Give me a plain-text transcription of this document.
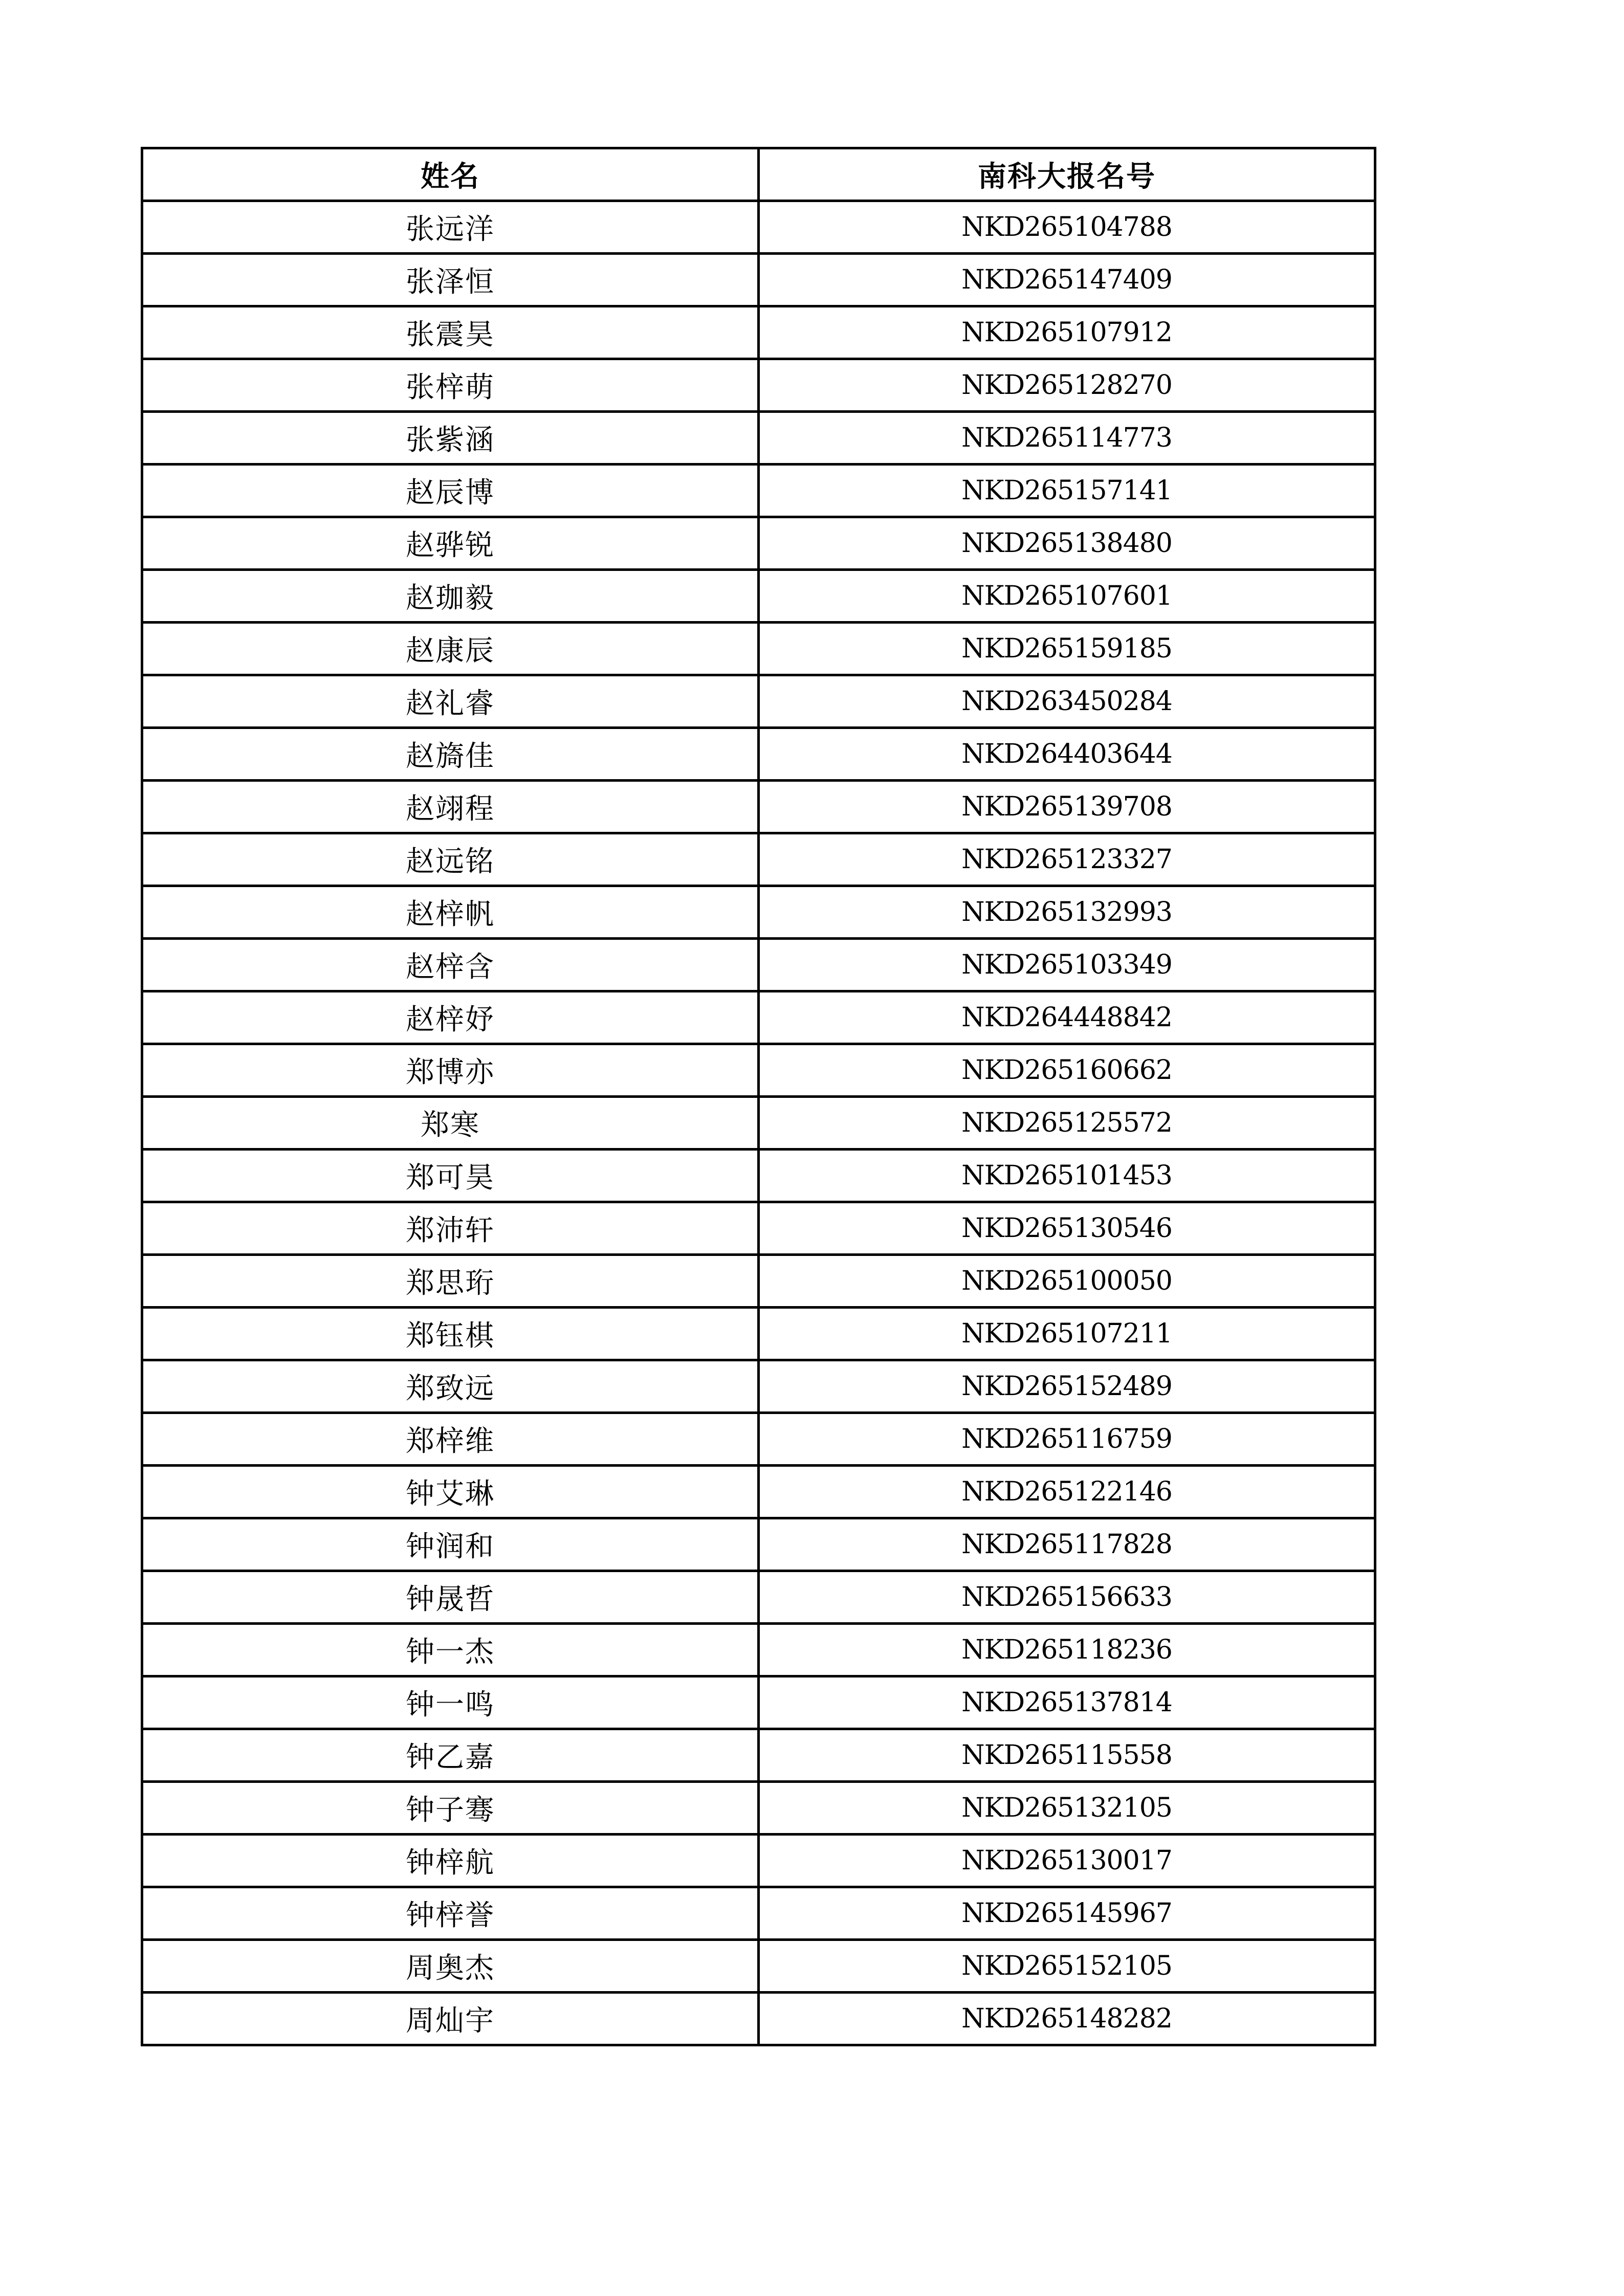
姓名	南科大报名号
张远洋	NKD265104788
张泽恒	NKD265147409
张震昊	NKD265107912
张梓萌	NKD265128270
张紫涵	NKD265114773
赵辰博	NKD265157141
赵骅锐	NKD265138480
赵珈毅	NKD265107601
赵康辰	NKD265159185
赵礼睿	NKD263450284
赵旖佳	NKD264403644
赵翊程	NKD265139708
赵远铭	NKD265123327
赵梓帆	NKD265132993
赵梓含	NKD265103349
赵梓妤	NKD264448842
郑博亦	NKD265160662
郑寒	NKD265125572
郑可昊	NKD265101453
郑沛轩	NKD265130546
郑思珩	NKD265100050
郑钰棋	NKD265107211
郑致远	NKD265152489
郑梓维	NKD265116759
钟艾琳	NKD265122146
钟润和	NKD265117828
钟晟哲	NKD265156633
钟一杰	NKD265118236
钟一鸣	NKD265137814
钟乙嘉	NKD265115558
钟子骞	NKD265132105
钟梓航	NKD265130017
钟梓誉	NKD265145967
周奥杰	NKD265152105
周灿宇	NKD265148282
